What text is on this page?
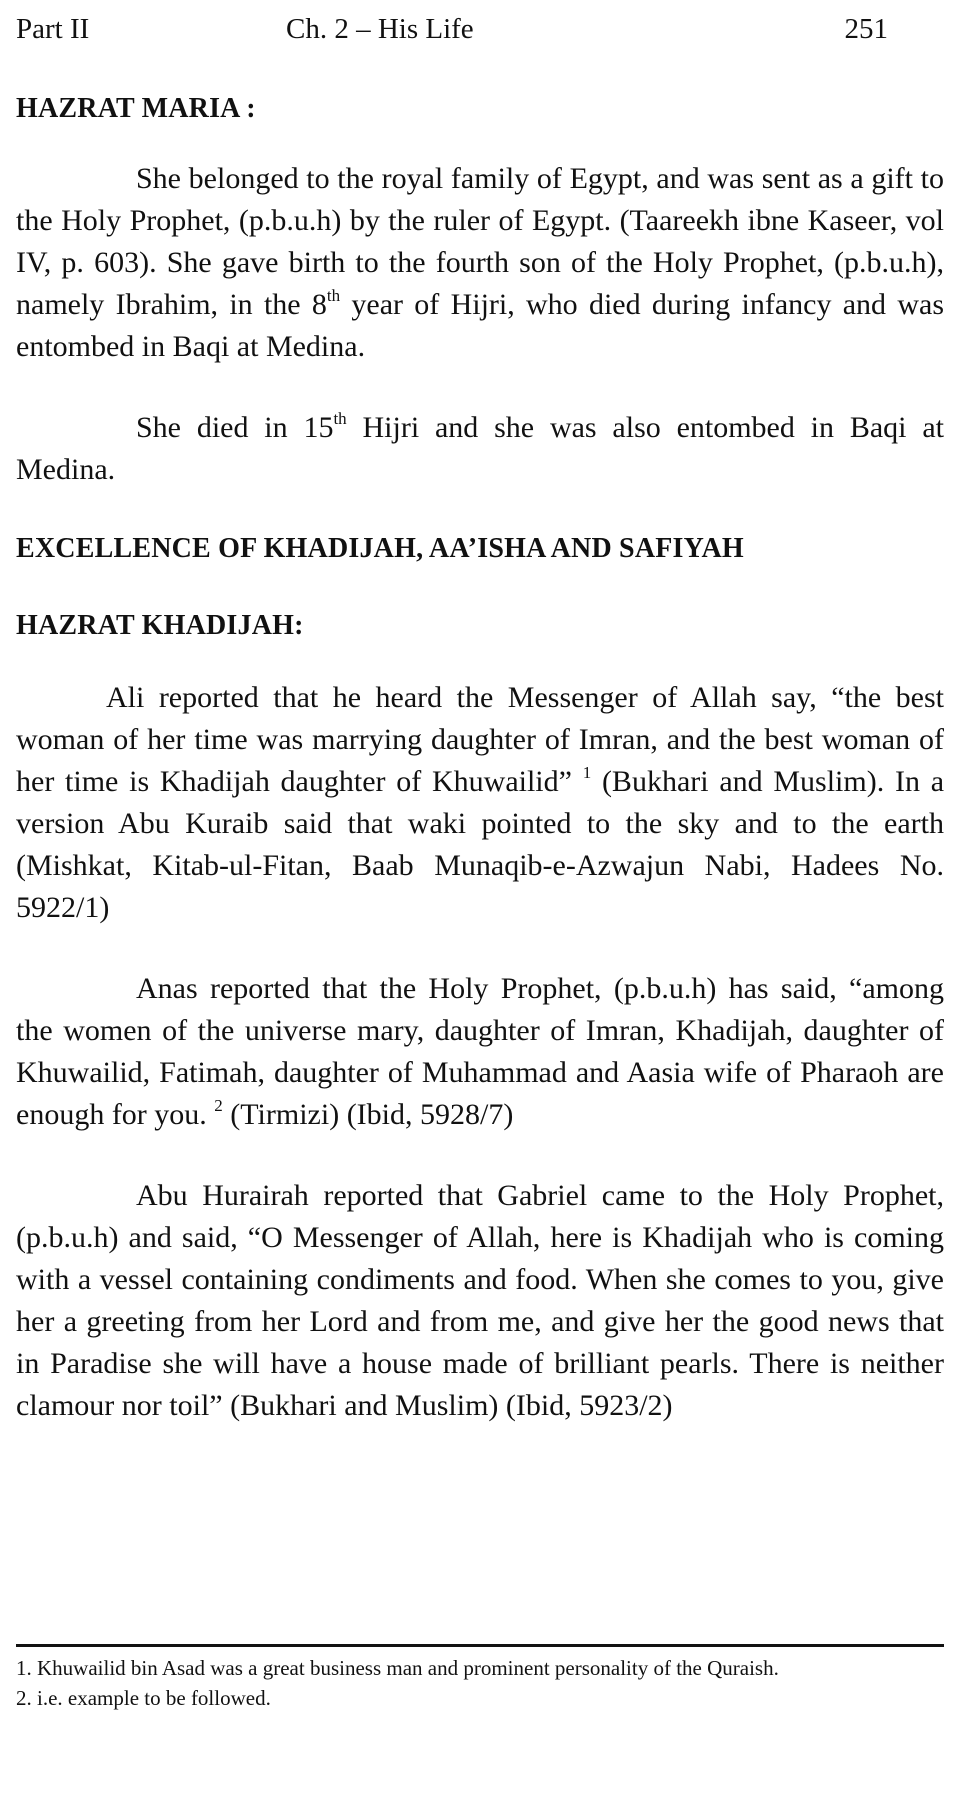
Part II	Ch. 2 – His Life	251
HAZRAT MARIA :

She belonged to the royal family of Egypt, and was sent as a gift to the Holy Prophet, (p.b.u.h) by the ruler of Egypt. (Taareekh ibne Kaseer, vol IV, p. 603). She gave birth to the fourth son of the Holy Prophet, (p.b.u.h), namely Ibrahim, in the 8th year of Hijri, who died during infancy and was entombed in Baqi at Medina.

She died in 15th Hijri and she was also entombed in Baqi at Medina.

EXCELLENCE OF KHADIJAH, AA’ISHA AND SAFIYAH
HAZRAT KHADIJAH:

Ali reported that he heard the Messenger of Allah say, “the best woman of her time was marrying daughter of Imran, and the best woman of her time is Khadijah daughter of Khuwailid” $^1$ (Bukhari and Muslim). In a version Abu Kuraib said that waki pointed to the sky and to the earth (Mishkat, Kitab-ul-Fitan, Baab Munaqib-e-Azwajun Nabi, Hadees No. 5922/1)

Anas reported that the Holy Prophet, (p.b.u.h) has said, “among the women of the universe mary, daughter of Imran, Khadijah, daughter of Khuwailid, Fatimah, daughter of Muhammad and Aasia wife of Pharaoh are enough for you. $^2$ (Tirmizi) (Ibid, 5928/7)

Abu Hurairah reported that Gabriel came to the Holy Prophet, (p.b.u.h) and said, “O Messenger of Allah, here is Khadijah who is coming with a vessel containing condiments and food. When she comes to you, give her a greeting from her Lord and from me, and give her the good news that in Paradise she will have a house made of brilliant pearls. There is neither clamour nor toil” (Bukhari and Muslim) (Ibid, 5923/2)

1. Khuwailid bin Asad was a great business man and prominent personality of the Quraish.
2. i.e. example to be followed.
